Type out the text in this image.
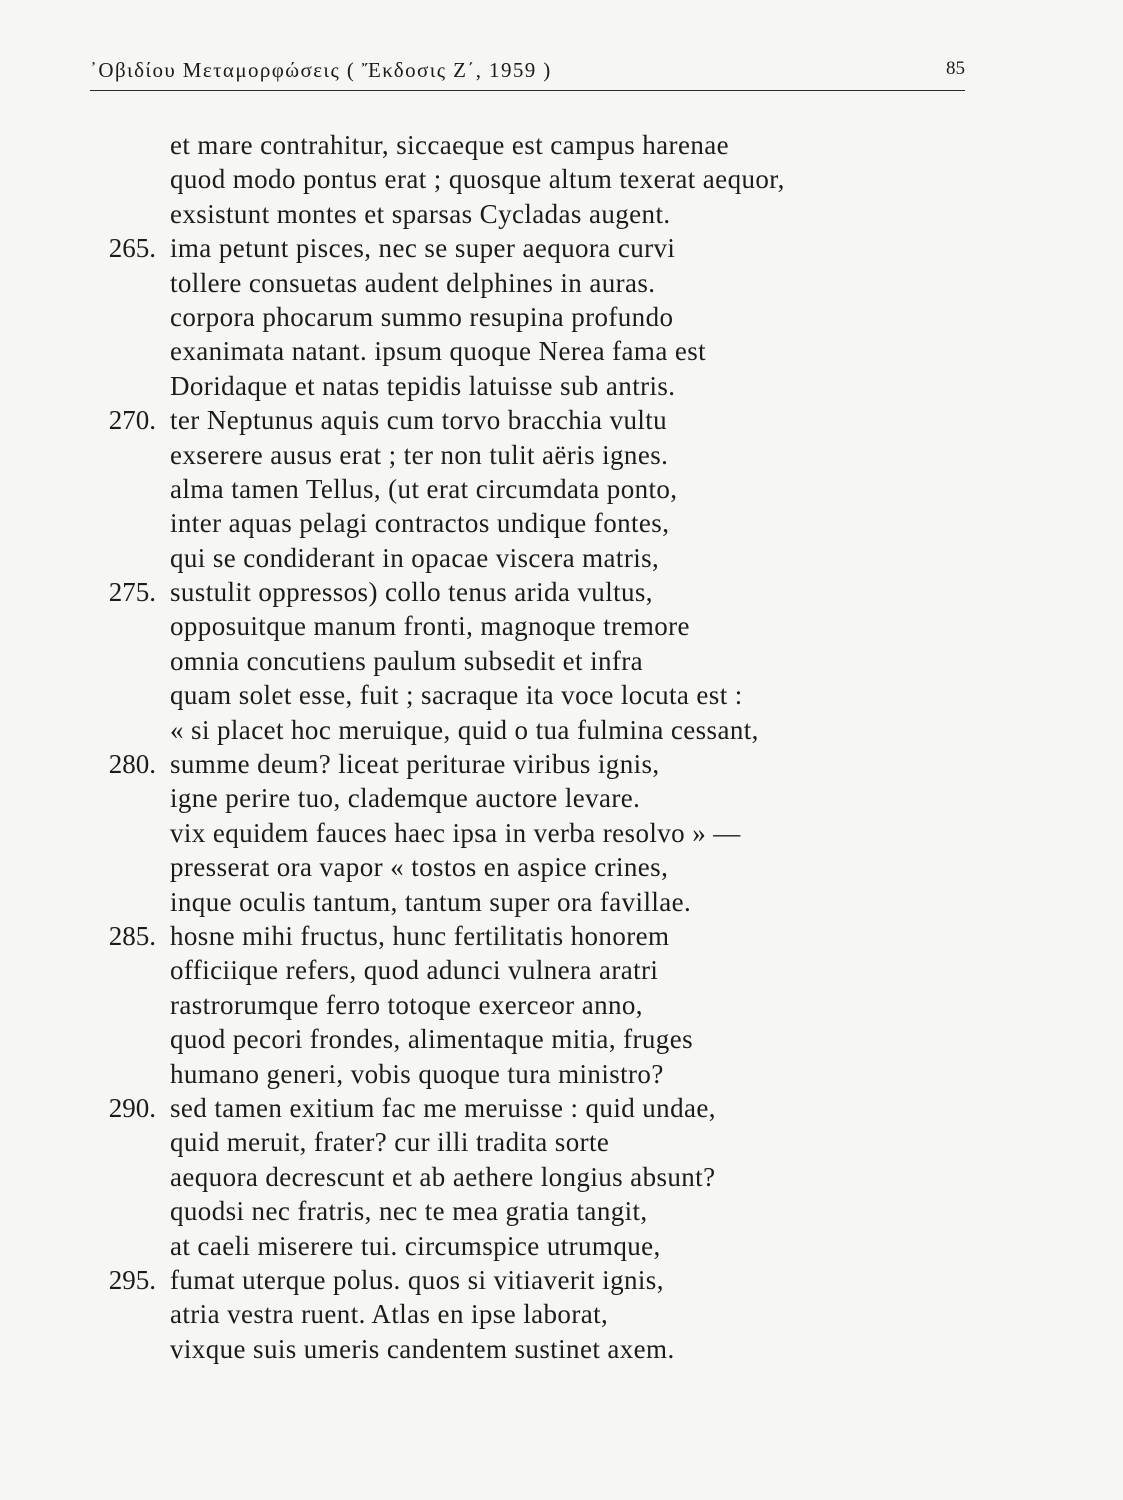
᾿Οβιδίου Μεταμορφώσεις ( Ἔκδοσις Ζ΄, 1959 )	85
et mare contrahitur, siccaeque est campus harenae
quod modo pontus erat ; quosque altum texerat aequor,
exsistunt montes et sparsas Cycladas augent.
265. ima petunt pisces, nec se super aequora curvi
tollere consuetas audent delphines in auras.
corpora phocarum summo resupina profundo
exanimata natant. ipsum quoque Nerea fama est
Doridaque et natas tepidis latuisse sub antris.
270. ter Neptunus aquis cum torvo bracchia vultu
exserere ausus erat ; ter non tulit aëris ignes.
alma tamen Tellus, (ut erat circumdata ponto,
inter aquas pelagi contractos undique fontes,
qui se condiderant in opacae viscera matris,
275. sustulit oppressos) collo tenus arida vultus,
opposuitque manum fronti, magnoque tremore
omnia concutiens paulum subsedit et infra
quam solet esse, fuit ; sacraque ita voce locuta est :
« si placet hoc meruique, quid o tua fulmina cessant,
280. summe deum? liceat periturae viribus ignis,
igne perire tuo, clademque auctore levare.
vix equidem fauces haec ipsa in verba resolvo » —
presserat ora vapor « tostos en aspice crines,
inque oculis tantum, tantum super ora favillae.
285. hosne mihi fructus, hunc fertilitatis honorem
officiique refers, quod adunci vulnera aratri
rastrorumque ferro totoque exerceor anno,
quod pecori frondes, alimentaque mitia, fruges
humano generi, vobis quoque tura ministro?
290. sed tamen exitium fac me meruisse : quid undae,
quid meruit, frater? cur illi tradita sorte
aequora decrescunt et ab aethere longius absunt?
quodsi nec fratris, nec te mea gratia tangit,
at caeli miserere tui. circumspice utrumque,
295. fumat uterque polus. quos si vitiaverit ignis,
atria vestra ruent. Atlas en ipse laborat,
vixque suis umeris candentem sustinet axem.
